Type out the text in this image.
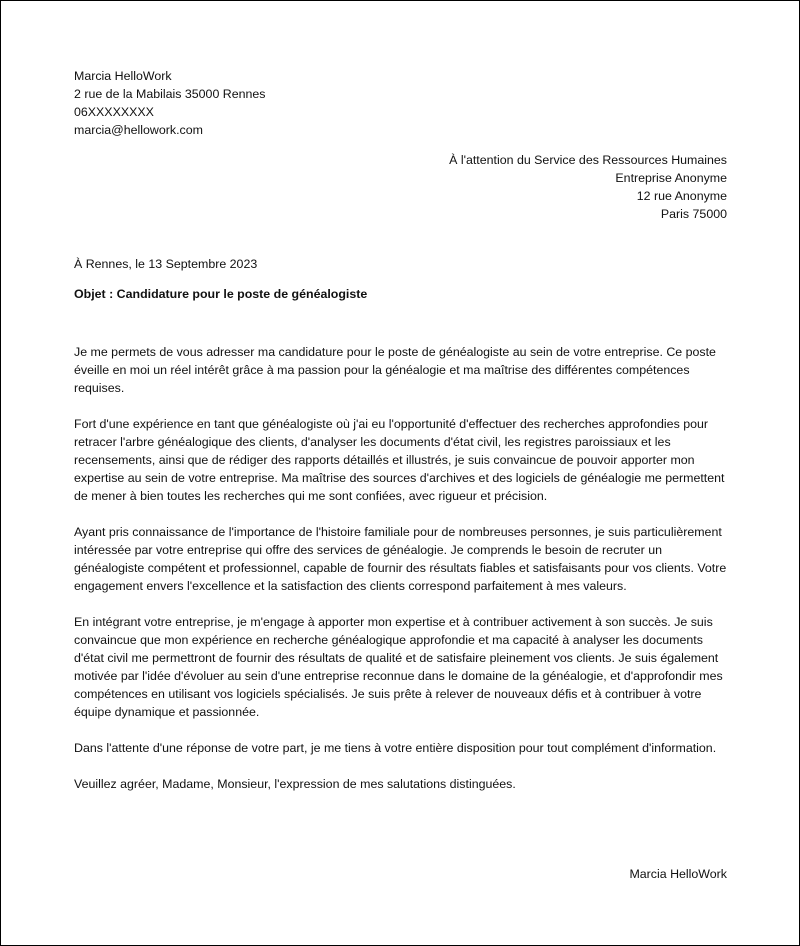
Marcia HelloWork
2 rue de la Mabilais 35000 Rennes
06XXXXXXXX
marcia@hellowork.com
À l'attention du Service des Ressources Humaines
Entreprise Anonyme
12 rue Anonyme
Paris 75000
À Rennes, le 13 Septembre 2023
Objet : Candidature pour le poste de généalogiste

Je me permets de vous adresser ma candidature pour le poste de généalogiste au sein de votre entreprise. Ce poste éveille en moi un réel intérêt grâce à ma passion pour la généalogie et ma maîtrise des différentes compétences requises.

Fort d'une expérience en tant que généalogiste où j'ai eu l'opportunité d'effectuer des recherches approfondies pour retracer l'arbre généalogique des clients, d'analyser les documents d'état civil, les registres paroissiaux et les recensements, ainsi que de rédiger des rapports détaillés et illustrés, je suis convaincue de pouvoir apporter mon expertise au sein de votre entreprise. Ma maîtrise des sources d'archives et des logiciels de généalogie me permettent de mener à bien toutes les recherches qui me sont confiées, avec rigueur et précision.

Ayant pris connaissance de l'importance de l'histoire familiale pour de nombreuses personnes, je suis particulièrement intéressée par votre entreprise qui offre des services de généalogie. Je comprends le besoin de recruter un généalogiste compétent et professionnel, capable de fournir des résultats fiables et satisfaisants pour vos clients. Votre engagement envers l'excellence et la satisfaction des clients correspond parfaitement à mes valeurs.

En intégrant votre entreprise, je m'engage à apporter mon expertise et à contribuer activement à son succès. Je suis convaincue que mon expérience en recherche généalogique approfondie et ma capacité à analyser les documents d'état civil me permettront de fournir des résultats de qualité et de satisfaire pleinement vos clients. Je suis également motivée par l'idée d'évoluer au sein d'une entreprise reconnue dans le domaine de la généalogie, et d'approfondir mes compétences en utilisant vos logiciels spécialisés. Je suis prête à relever de nouveaux défis et à contribuer à votre équipe dynamique et passionnée.

Dans l'attente d'une réponse de votre part, je me tiens à votre entière disposition pour tout complément d'information.

Veuillez agréer, Madame, Monsieur, l'expression de mes salutations distinguées.

Marcia HelloWork
